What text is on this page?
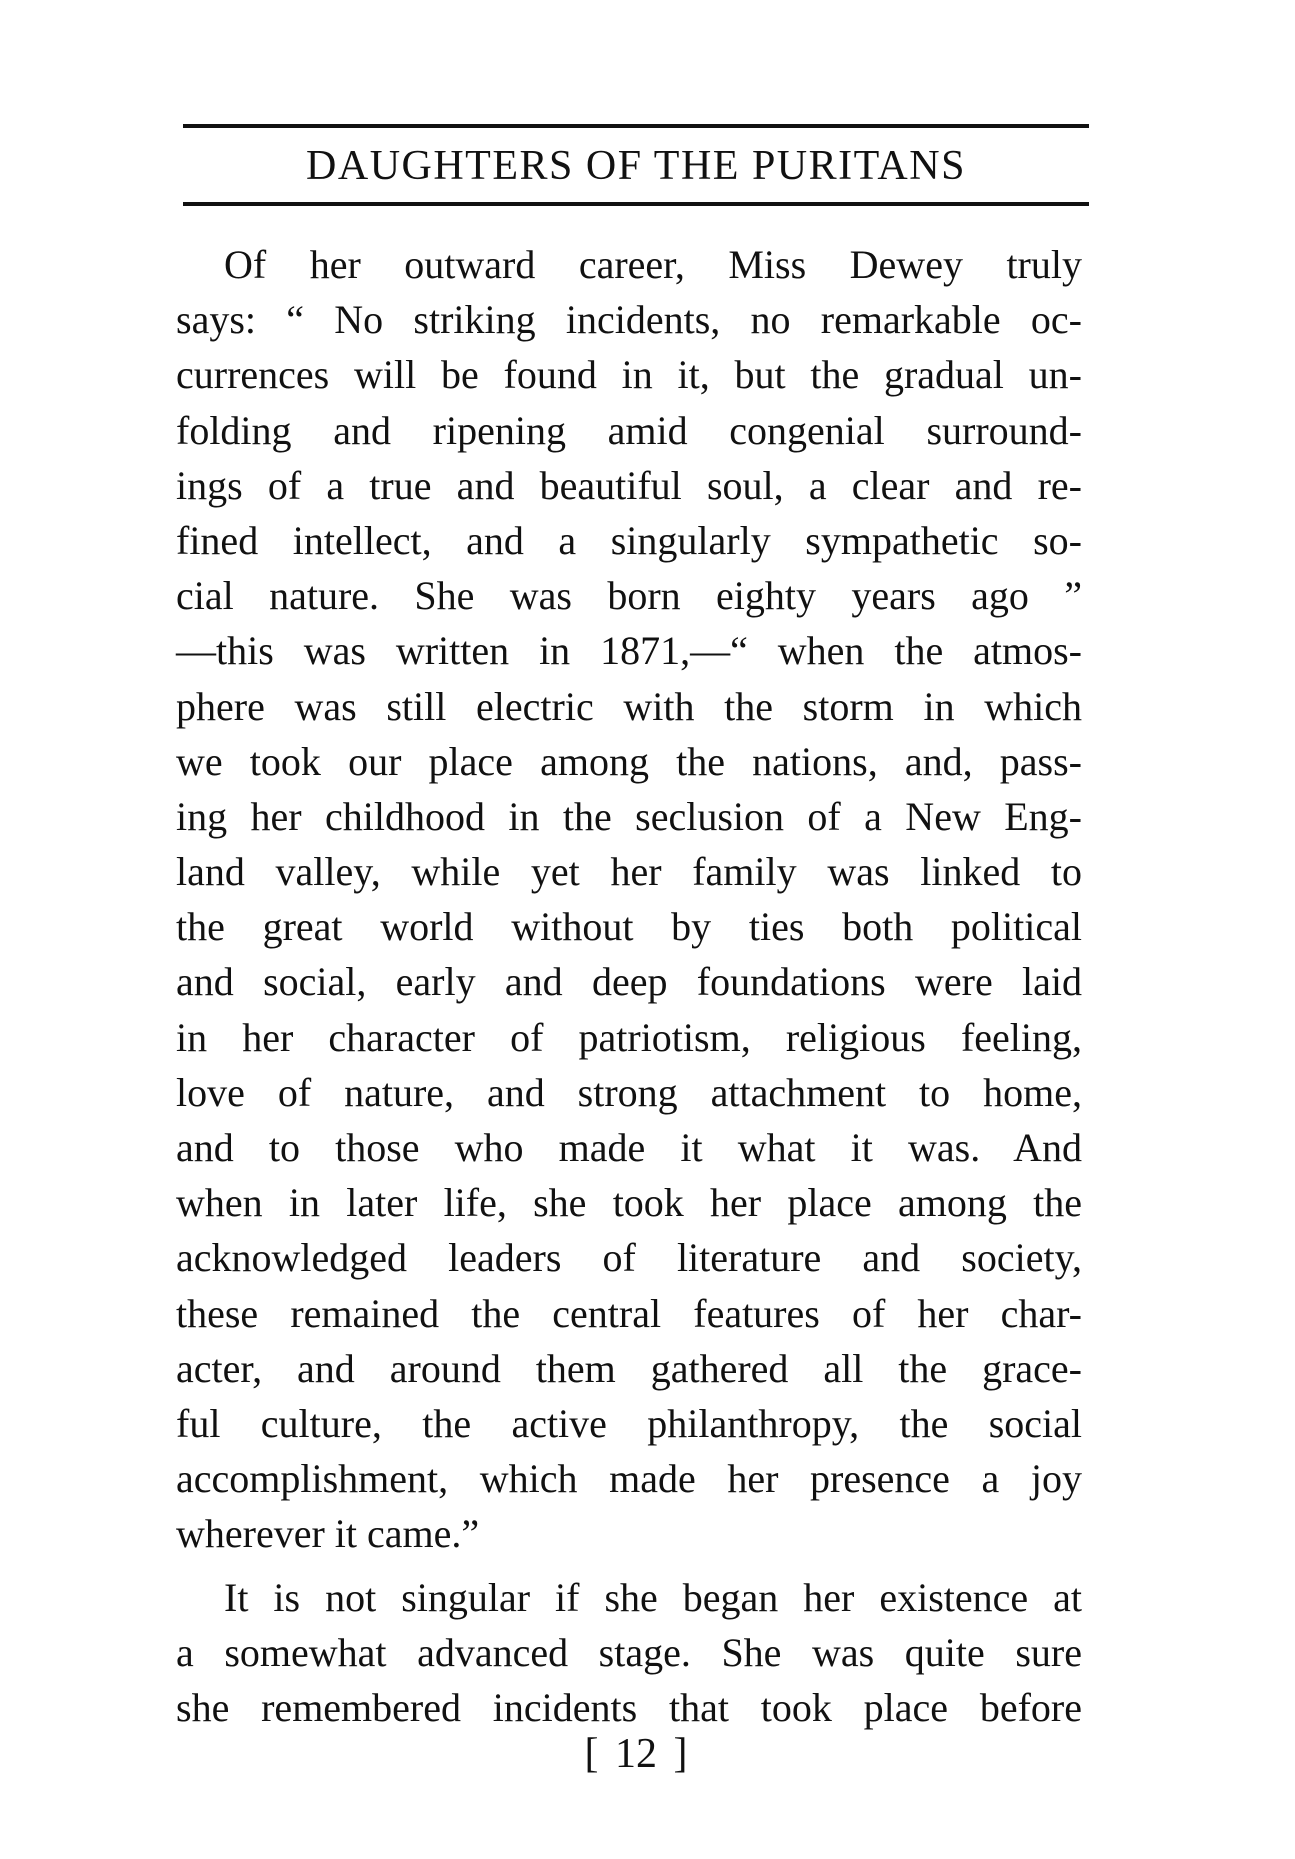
DAUGHTERS OF THE PURITANS
Of her outward career, Miss Dewey truly
says: “ No striking incidents, no remarkable oc-
currences will be found in it, but the gradual un-
folding and ripening amid congenial surround-
ings of a true and beautiful soul, a clear and re-
fined intellect, and a singularly sympathetic so-
cial nature. She was born eighty years ago ”
—this was written in 1871,—“ when the atmos-
phere was still electric with the storm in which
we took our place among the nations, and, pass-
ing her childhood in the seclusion of a New Eng-
land valley, while yet her family was linked to
the great world without by ties both political
and social, early and deep foundations were laid
in her character of patriotism, religious feeling,
love of nature, and strong attachment to home,
and to those who made it what it was. And
when in later life, she took her place among the
acknowledged leaders of literature and society,
these remained the central features of her char-
acter, and around them gathered all the grace-
ful culture, the active philanthropy, the social
accomplishment, which made her presence a joy
wherever it came.”
It is not singular if she began her existence at
a somewhat advanced stage. She was quite sure
she remembered incidents that took place before
[ 12 ]
